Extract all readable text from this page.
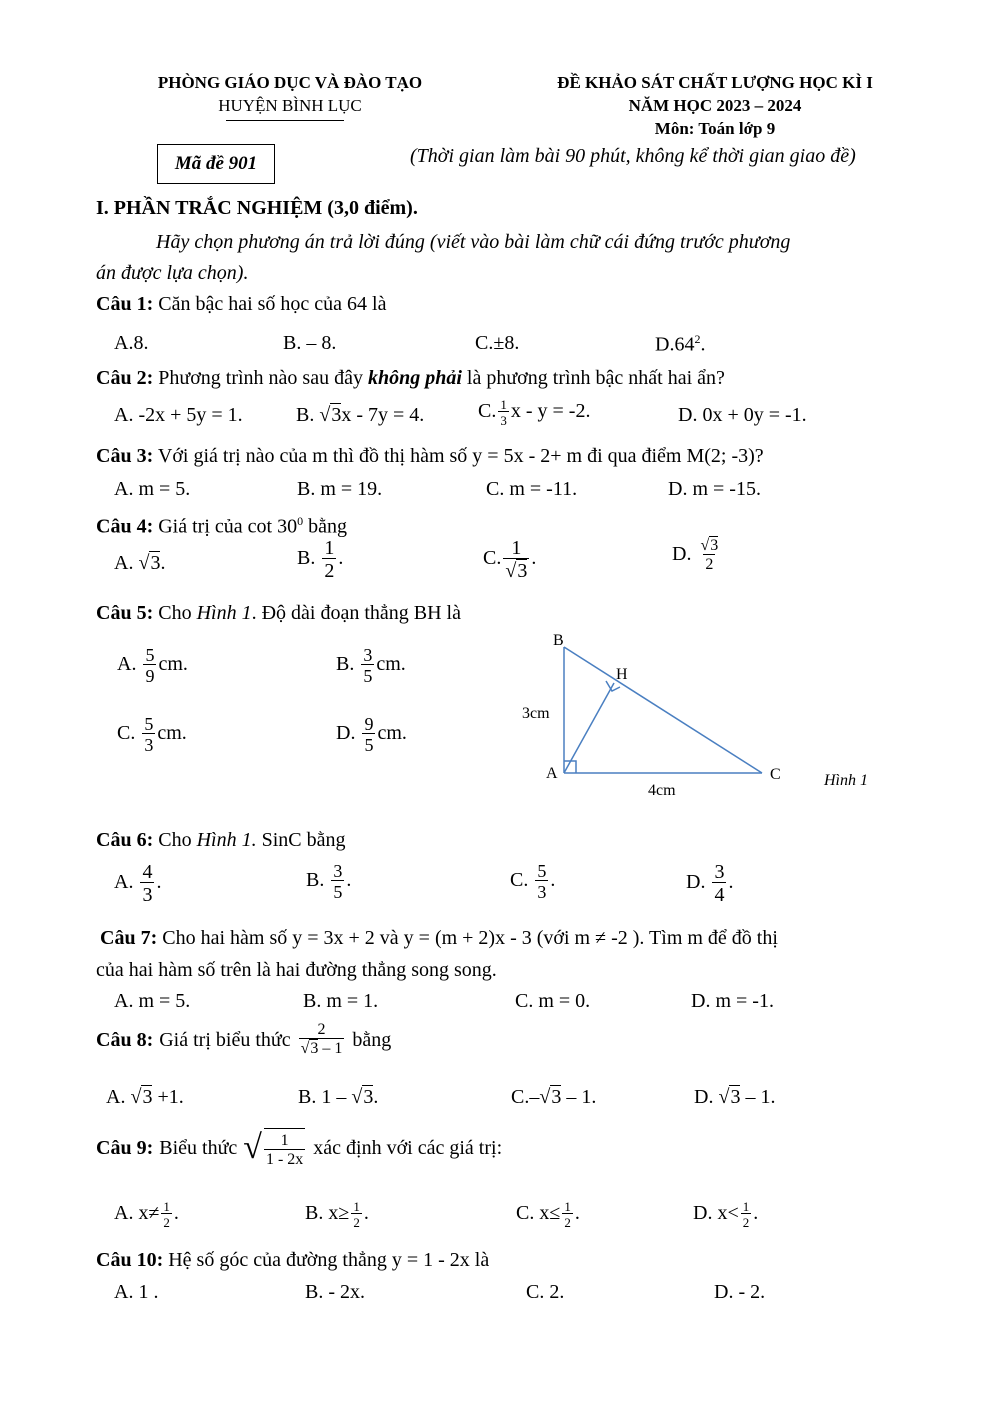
PHÒNG GIÁO DỤC VÀ ĐÀO TẠO
HUYỆN BÌNH LỤC
ĐỀ KHẢO SÁT CHẤT LƯỢNG HỌC KÌ I
NĂM HỌC 2023 – 2024
Môn: Toán lớp 9
Mã đề 901	(Thời gian làm bài 90 phút, không kể thời gian giao đề)
I. PHẦN TRẮC NGHIỆM (3,0 điểm).
Hãy chọn phương án trả lời đúng (viết vào bài làm chữ cái đứng trước phương
án được lựa chọn).
Câu 1: Căn bậc hai số học của 64 là
A.8.	B. – 8.	C.±8.	$D.64^2$.
Câu 2: Phương trình nào sau đây không phải là phương trình bậc nhất hai ẩn?
A. -2x + 5y = 1.	B. √3x - 7y = 4.	C. $\frac{1}{3}$ x - y = -2.	D. 0x + 0y = -1.
Câu 3: Với giá trị nào của m thì đồ thị hàm số y = 5x - 2+ m đi qua điểm M(2; -3)?
A. m = 5.	B. m = 19.	C. m = -11.	D. m = -15.
Câu 4: Giá trị của $\cot 30^0$ bằng
A. √3.	B. $\frac{1}{2}$ .	C. $\frac{1}{√3}$ .	D. $\frac{√3}{2}$
Câu 5: Cho Hình 1. Độ dài đoạn thẳng BH là
A. $\frac{5}{9}$ cm.	B. $\frac{3}{5}$ cm.
C. $\frac{5}{3}$ cm.	D. $\frac{9}{5}$ cm.
B
H
A	C
3cm
4cm
Hình 1
Câu 6: Cho Hình 1. SinC bằng
A. $\frac{4}{3}$ .	B. $\frac{3}{5}$ .	C. $\frac{5}{3}$ .	D. $\frac{3}{4}$ .
Câu 7: Cho hai hàm số y = 3x + 2 và y = (m + 2)x - 3 (với m ≠ -2 ). Tìm m để đồ thị
của hai hàm số trên là hai đường thẳng song song.
A. m = 5.	B. m = 1.	C. m = 0.	D. m = -1.
Câu 8: Giá trị biểu thức $\frac{2}{√3 - 1}$ bằng
A. √3 +1.	B. 1 – √3.	C.–√3 – 1.	D. √3 – 1.
Câu 9: Biểu thức √ $\frac{1}{1 - 2x}$ xác định với các giá trị:
A. $x\ne \frac{1}{2}$ .	B. $x\ge \frac{1}{2}$ .	C. $x\le \frac{1}{2}$ .	D. $x< \frac{1}{2}$ .
Câu 10: Hệ số góc của đường thẳng y = 1 - 2x là
A. 1 .	B. - 2x.	C. 2.	D. - 2.
